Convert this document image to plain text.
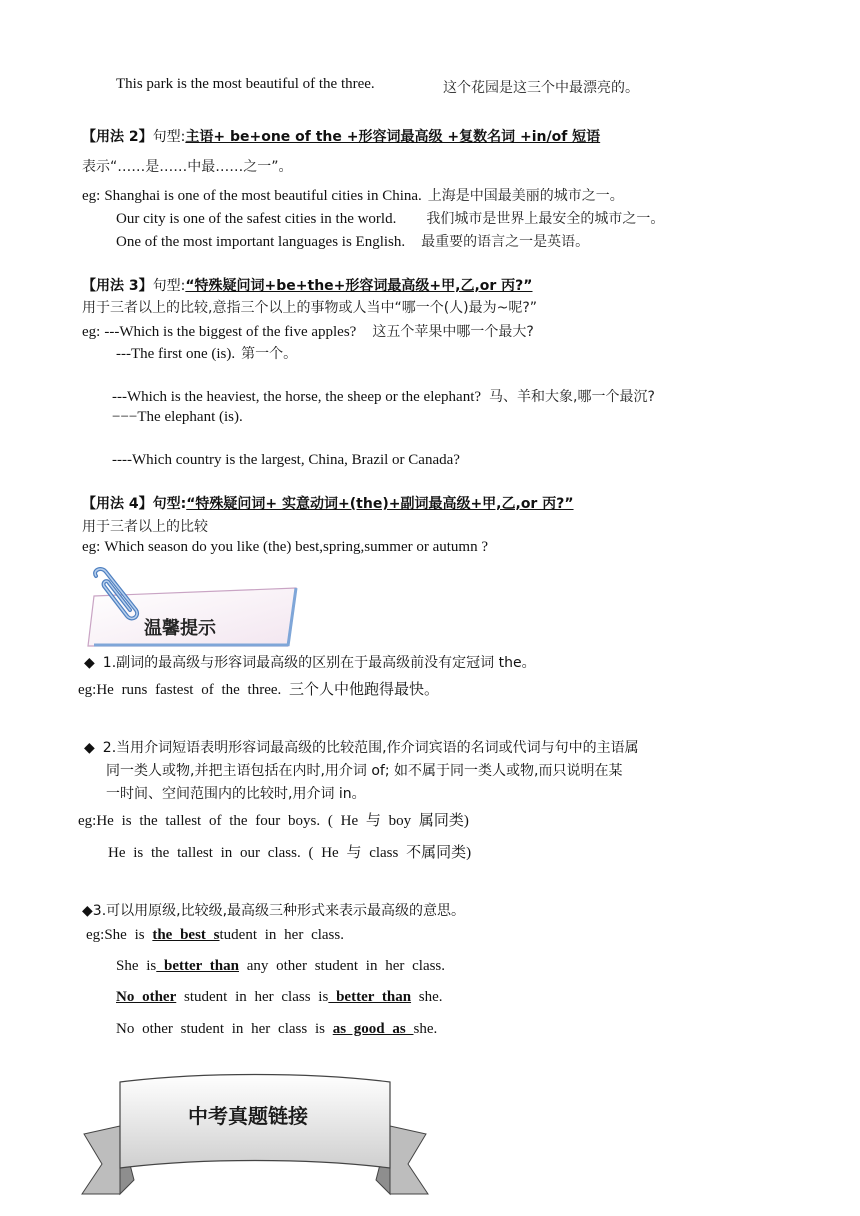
This park is the most beautiful of the three.	这个花园是这三个中最漂亮的。
【用法 2】句型:主语+ be+one of the +形容词最高级 +复数名词 +in/of 短语
表示“……是……中最……之一”。
eg: Shanghai is one of the most beautiful cities in China. 上海是中国最美丽的城市之一。
Our city is one of the safest cities in the world. 我们城市是世界上最安全的城市之一。
One of the most important languages is English. 最重要的语言之一是英语。
【用法 3】句型:“特殊疑问词+be+the+形容词最高级+甲,乙,or 丙?”
用于三者以上的比较,意指三个以上的事物或人当中“哪一个(人)最为~呢?”
eg: ---Which is the biggest of the five apples? 这五个苹果中哪一个最大?
---The first one (is). 第一个。
---Which is the heaviest, the horse, the sheep or the elephant? 马、羊和大象,哪一个最沉?
−−−The elephant (is).
----Which country is the largest, China, Brazil or Canada?
【用法 4】句型:“特殊疑问词+ 实意动词+(the)+副词最高级+甲,乙,or 丙?”
用于三者以上的比较
eg: Which season do you like (the) best,spring,summer or autumn ?
温馨提示
◆ 1.副词的最高级与形容词最高级的区别在于最高级前没有定冠词 the。
eg:He runs fastest of the three. 三个人中他跑得最快。
◆ 2.当用介词短语表明形容词最高级的比较范围,作介词宾语的名词或代词与句中的主语属
同一类人或物,并把主语包括在内时,用介词 of; 如不属于同一类人或物,而只说明在某
一时间、空间范围内的比较时,用介词 in。
eg:He is the tallest of the four boys. ( He 与 boy 属同类)
He is the tallest in our class. ( He 与 class 不属同类)
◆3.可以用原级,比较级,最高级三种形式来表示最高级的意思。
eg:She is the best student in her class.
She is better than any other student in her class.
No other student in her class is better than she.
No other student in her class is as good as she.
中考真题链接
